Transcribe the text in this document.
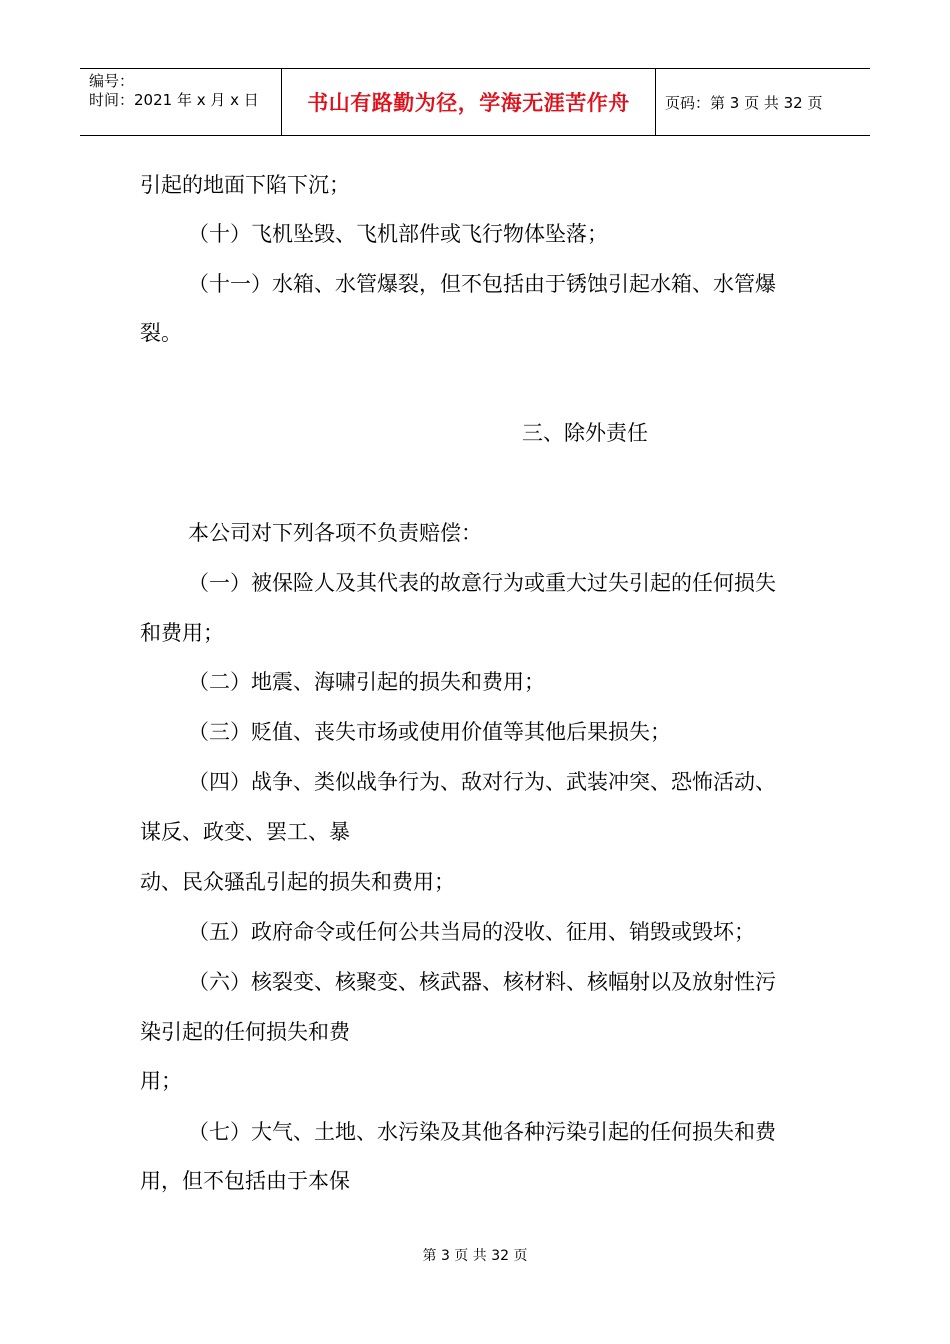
编号：
时间：2021 年 x 月 x 日	书山有路勤为径，学海无涯苦作舟	页码：第 3 页 共 32 页
引起的地面下陷下沉；
（十）飞机坠毁、飞机部件或飞行物体坠落；
（十一）水箱、水管爆裂，但不包括由于锈蚀引起水箱、水管爆
裂。
三、除外责任
本公司对下列各项不负责赔偿：
（一）被保险人及其代表的故意行为或重大过失引起的任何损失
和费用；
（二）地震、海啸引起的损失和费用；
（三）贬值、丧失市场或使用价值等其他后果损失；
（四）战争、类似战争行为、敌对行为、武装冲突、恐怖活动、
谋反、政变、罢工、暴
动、民众骚乱引起的损失和费用；
（五）政府命令或任何公共当局的没收、征用、销毁或毁坏；
（六）核裂变、核聚变、核武器、核材料、核幅射以及放射性污
染引起的任何损失和费
用；
（七）大气、土地、水污染及其他各种污染引起的任何损失和费
用，但不包括由于本保
第 3 页 共 32 页
